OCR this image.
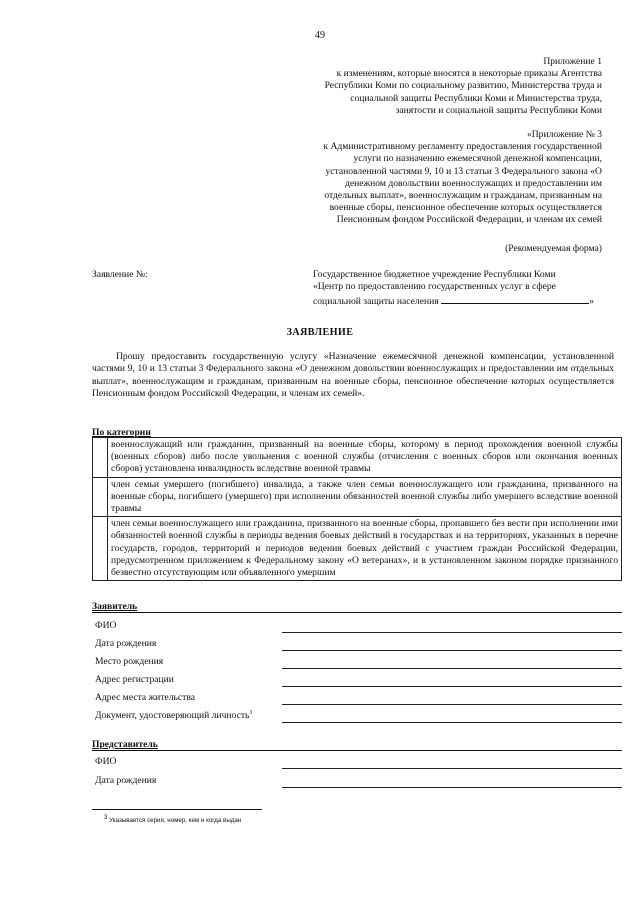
49
Приложение 1
к изменениям, которые вносятся в некоторые приказы Агентства
Республики Коми по социальному развитию, Министерства труда и
социальной защиты Республики Коми и Министерства труда,
занятости и социальной защиты Республики Коми
«Приложение № 3
к Административному регламенту предоставления государственной
услуги по назначению ежемесячной денежной компенсации,
установленной частями 9, 10 и 13 статьи 3 Федерального закона «О
денежном довольствии военнослужащих и предоставлении им
отдельных выплат», военнослужащим и гражданам, призванным на
военные сборы, пенсионное обеспечение которых осуществляется
Пенсионным фондом Российской Федерации, и членам их семей
(Рекомендуемая форма)
Заявление №:	Государственное бюджетное учреждение Республики Коми
«Центр по предоставлению государственных услуг в сфере
социальной защиты населения	»
ЗАЯВЛЕНИЕ
Прошу предоставить государственную услугу «Назначение ежемесячной денежной компенсации, установленной частями 9, 10 и 13 статьи 3 Федерального закона «О денежном довольствии военнослужащих и предоставлении им отдельных выплат», военнослужащим и гражданам, призванным на военные сборы, пенсионное обеспечение которых осуществляется Пенсионным фондом Российской Федерации, и членам их семей».
По категории
	военнослужащий или гражданин, призванный на военные сборы, которому в период прохождения военной службы (военных сборов) либо после увольнения с военной службы (отчисления с военных сборов или окончания военных сборов) установлена инвалидность вследствие военной травмы
	член семьи умершего (погибшего) инвалида, а также член семьи военнослужащего или гражданина, призванного на военные сборы, погибшего (умершего) при исполнении обязанностей военной службы либо умершего вследствие военной травмы
	член семьи военнослужащего или гражданина, призванного на военные сборы, пропавшего без вести при исполнении ими обязанностей военной службы в периоды ведения боевых действий в государствах и на территориях, указанных в перечне государств, городов, территорий и периодов ведения боевых действий с участием граждан Российской Федерации, предусмотренном приложением к Федеральному закону «О ветеранах», и в установленном законом порядке признанного безвестно отсутствующим или объявленного умершим
Заявитель
ФИО
Дата рождения
Место рождения
Адрес регистрации
Адрес места жительства
Документ, удостоверяющий личность$^3$
Представитель
ФИО
Дата рождения
$^3$ Указывается серия, номер, кем и когда выдан
